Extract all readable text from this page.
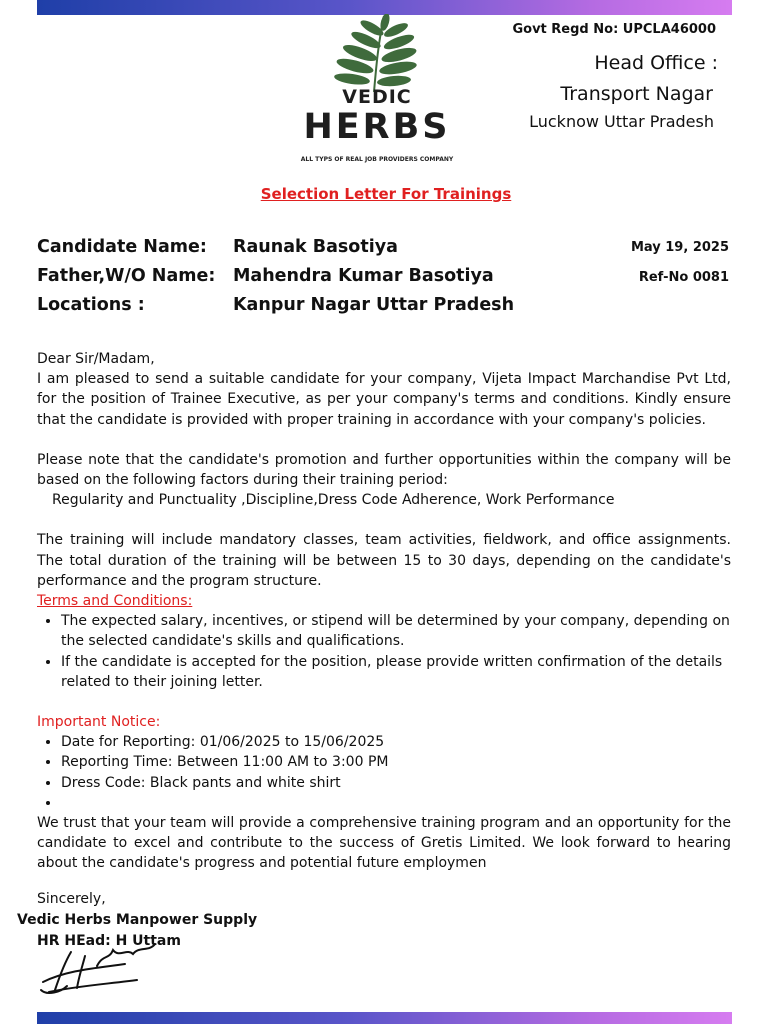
VEDIC
HERBS
ALL TYPS OF REAL JOB PROVIDERS COMPANY
Govt Regd No: UPCLA46000
Head Office :
Transport Nagar
Lucknow Uttar Pradesh
Selection Letter For Trainings
Candidate Name: Raunak Basotiya
Father,W/O Name: Mahendra Kumar Basotiya
Locations :	Kanpur Nagar Uttar Pradesh
May 19, 2025
Ref-No 0081

Dear Sir/Madam,

I am pleased to send a suitable candidate for your company, Vijeta Impact Marchandise Pvt Ltd, for the position of Trainee Executive, as per your company's terms and conditions. Kindly ensure that the candidate is provided with proper training in accordance with your company's policies.

Please note that the candidate's promotion and further opportunities within the company will be based on the following factors during their training period:

Regularity and Punctuality ,Discipline,Dress Code Adherence, Work Performance

The training will include mandatory classes, team activities, fieldwork, and office assignments. The total duration of the training will be between 15 to 30 days, depending on the candidate's performance and the program structure.

Terms and Conditions:

• The expected salary, incentives, or stipend will be determined by your company, depending on the selected candidate's skills and qualifications.
• If the candidate is accepted for the position, please provide written confirmation of the details related to their joining letter.

Important Notice:

• Date for Reporting: 01/06/2025 to 15/06/2025
• Reporting Time: Between 11:00 AM to 3:00 PM
• Dress Code: Black pants and white shirt
•

We trust that your team will provide a comprehensive training program and an opportunity for the candidate to excel and contribute to the success of Gretis Limited. We look forward to hearing about the candidate's progress and potential future employmen

Sincerely,
Vedic Herbs Manpower Supply
HR HEad: H Uttam
